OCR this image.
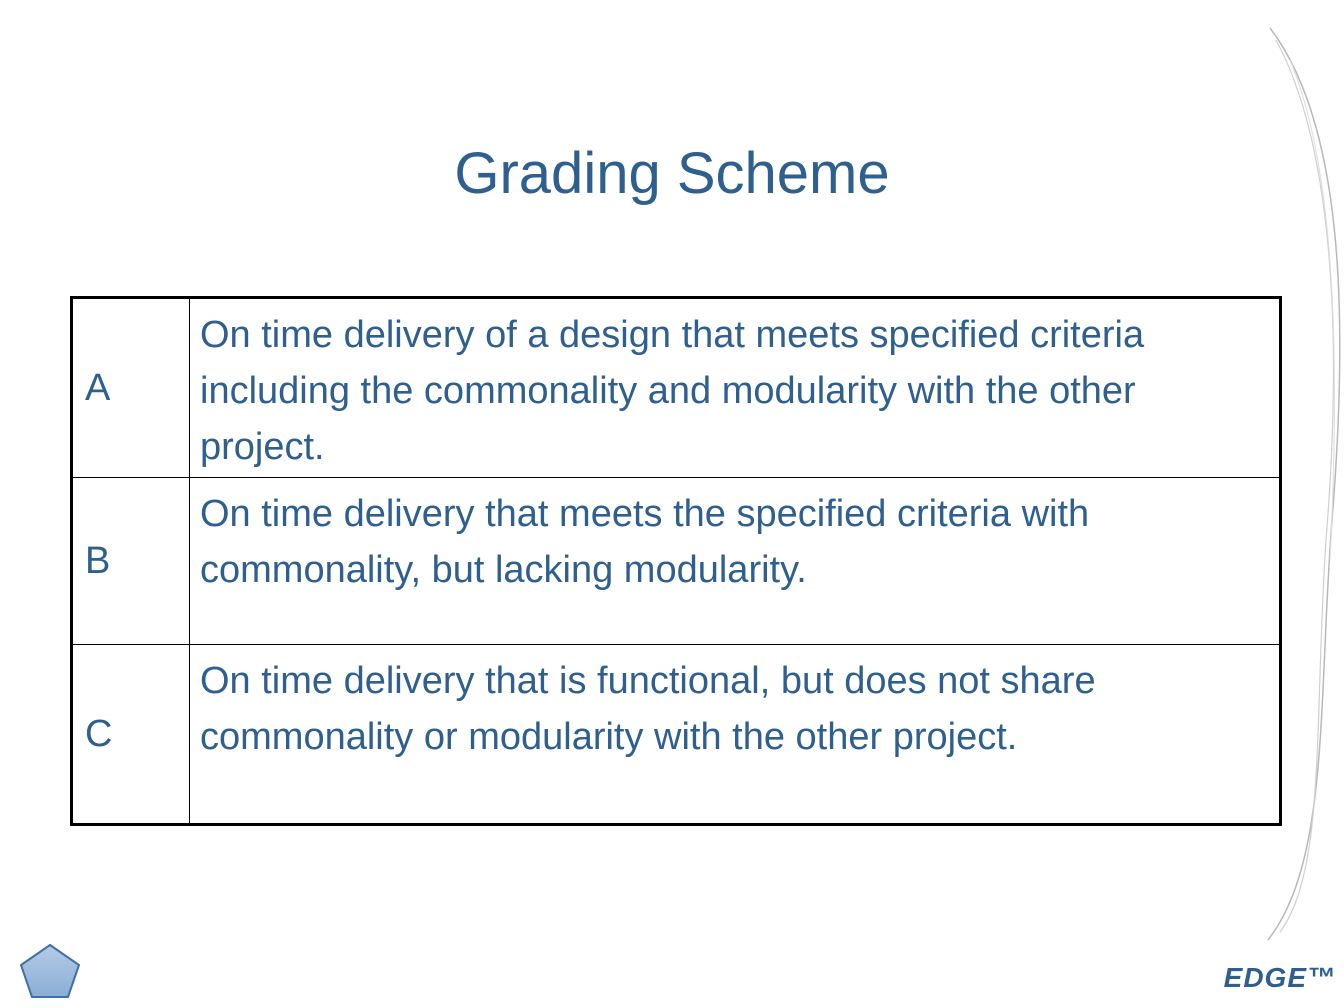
Grading Scheme
A	On time delivery of a design that meets specified criteria including the commonality and modularity with the other project.
B	On time delivery that meets the specified criteria with commonality, but lacking modularity.
C	On time delivery that is functional, but does not share commonality or modularity with the other project.
EDGE™
